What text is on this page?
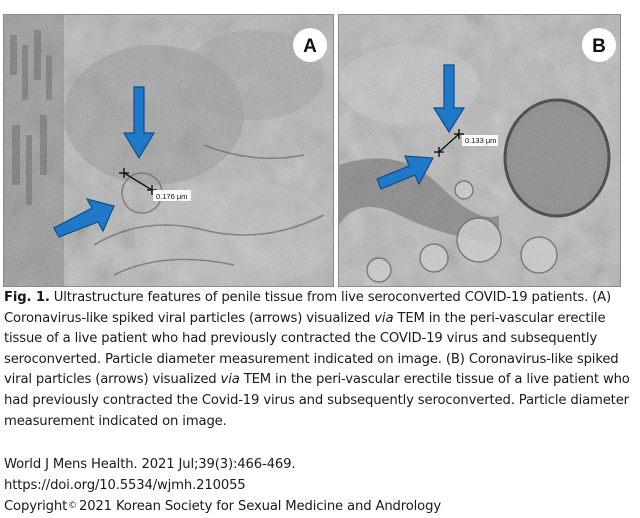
A
0.176 μm
B
0.133 μm

Fig. 1. Ultrastructure features of penile tissue from live seroconverted COVID-19 patients. (A) Coronavirus-like spiked viral particles (arrows) visualized via TEM in the peri-vascular erectile tissue of a live patient who had previously contracted the COVID-19 virus and subsequently seroconverted. Particle diameter measurement indicated on image. (B) Coronavirus-like spiked viral particles (arrows) visualized via TEM in the peri-vascular erectile tissue of a live patient who had previously contracted the Covid-19 virus and subsequently seroconverted. Particle diameter measurement indicated on image.

World J Mens Health. 2021 Jul;39(3):466-469.
https://doi.org/10.5534/wjmh.210055
Copyright© 2021 Korean Society for Sexual Medicine and Andrology
